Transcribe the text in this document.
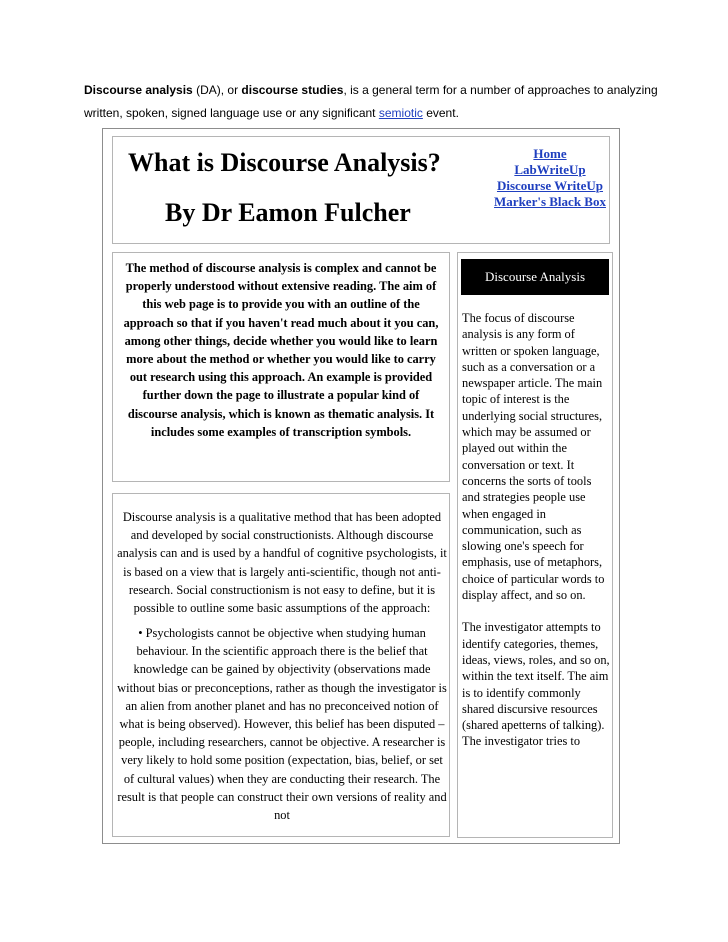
Discourse analysis (DA), or discourse studies, is a general term for a number of approaches to analyzing written, spoken, signed language use or any significant semiotic event.
What is Discourse Analysis?
By Dr Eamon Fulcher
Home
LabWriteUp
Discourse WriteUp
Marker's Black Box
The method of discourse analysis is complex and cannot be properly understood without extensive reading. The aim of this web page is to provide you with an outline of the approach so that if you haven't read much about it you can, among other things, decide whether you would like to learn more about the method or whether you would like to carry out research using this approach. An example is provided further down the page to illustrate a popular kind of discourse analysis, which is known as thematic analysis. It includes some examples of transcription symbols.
Discourse analysis is a qualitative method that has been adopted and developed by social constructionists. Although discourse analysis can and is used by a handful of cognitive psychologists, it is based on a view that is largely anti-scientific, though not anti-research. Social constructionism is not easy to define, but it is possible to outline some basic assumptions of the approach:
• Psychologists cannot be objective when studying human behaviour. In the scientific approach there is the belief that knowledge can be gained by objectivity (observations made without bias or preconceptions, rather as though the investigator is an alien from another planet and has no preconceived notion of what is being observed). However, this belief has been disputed – people, including researchers, cannot be objective. A researcher is very likely to hold some position (expectation, bias, belief, or set of cultural values) when they are conducting their research. The result is that people can construct their own versions of reality and not
Discourse Analysis

The focus of discourse analysis is any form of written or spoken language, such as a conversation or a newspaper article. The main topic of interest is the underlying social structures, which may be assumed or played out within the conversation or text. It concerns the sorts of tools and strategies people use when engaged in communication, such as slowing one's speech for emphasis, use of metaphors, choice of particular words to display affect, and so on.

The investigator attempts to identify categories, themes, ideas, views, roles, and so on, within the text itself. The aim is to identify commonly shared discursive resources (shared apetterns of talking). The investigator tries to
